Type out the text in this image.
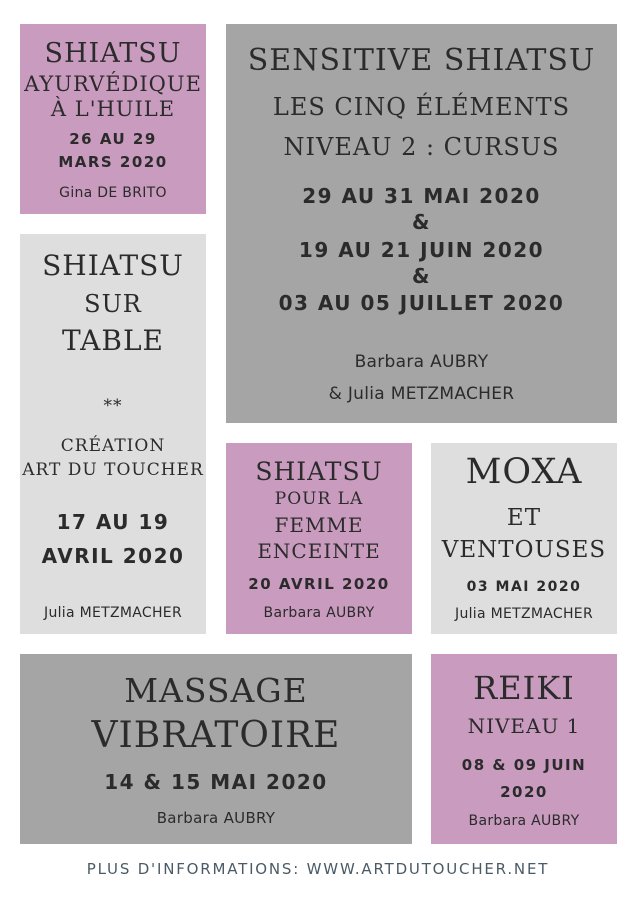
SHIATSU
AYURVÉDIQUE
À L'HUILE
26 AU 29
MARS 2020
Gina DE BRITO
SENSITIVE SHIATSU
LES CINQ ÉLÉMENTS
NIVEAU 2 : CURSUS
29 AU 31 MAI 2020
&
19 AU 21 JUIN 2020
&
03 AU 05 JUILLET 2020
Barbara AUBRY
& Julia METZMACHER
SHIATSU
SUR
TABLE
**
CRÉATION
ART DU TOUCHER
17 AU 19
AVRIL 2020
Julia METZMACHER
SHIATSU
POUR LA
FEMME
ENCEINTE
20 AVRIL 2020
Barbara AUBRY
MOXA
ET
VENTOUSES
03 MAI 2020
Julia METZMACHER
MASSAGE
VIBRATOIRE
14 & 15 MAI 2020
Barbara AUBRY
REIKI
NIVEAU 1
08 & 09 JUIN
2020
Barbara AUBRY
PLUS D'INFORMATIONS: WWW.ARTDUTOUCHER.NET
